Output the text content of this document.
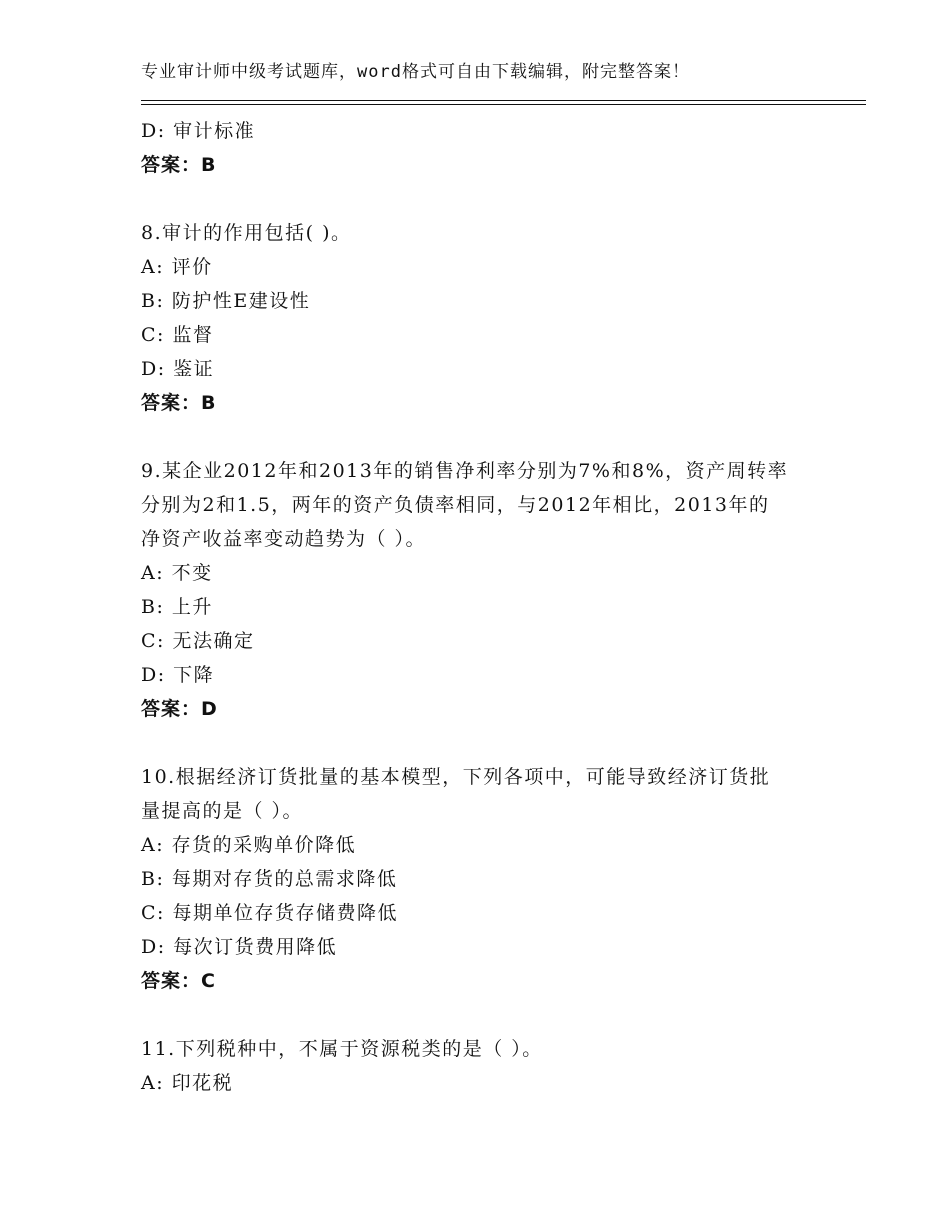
专业审计师中级考试题库，word格式可自由下载编辑，附完整答案！
D: 审计标准
答案：B
8.审计的作用包括( )。
A: 评价
B: 防护性E建设性
C: 监督
D: 鉴证
答案：B
9.某企业2012年和2013年的销售净利率分别为7%和8%，资产周转率
分别为2和1.5，两年的资产负债率相同，与2012年相比，2013年的
净资产收益率变动趋势为（ ）。
A: 不变
B: 上升
C: 无法确定
D: 下降
答案：D
10.根据经济订货批量的基本模型，下列各项中，可能导致经济订货批
量提高的是（ ）。
A: 存货的采购单价降低
B: 每期对存货的总需求降低
C: 每期单位存货存储费降低
D: 每次订货费用降低
答案：C
11.下列税种中，不属于资源税类的是（ ）。
A: 印花税
